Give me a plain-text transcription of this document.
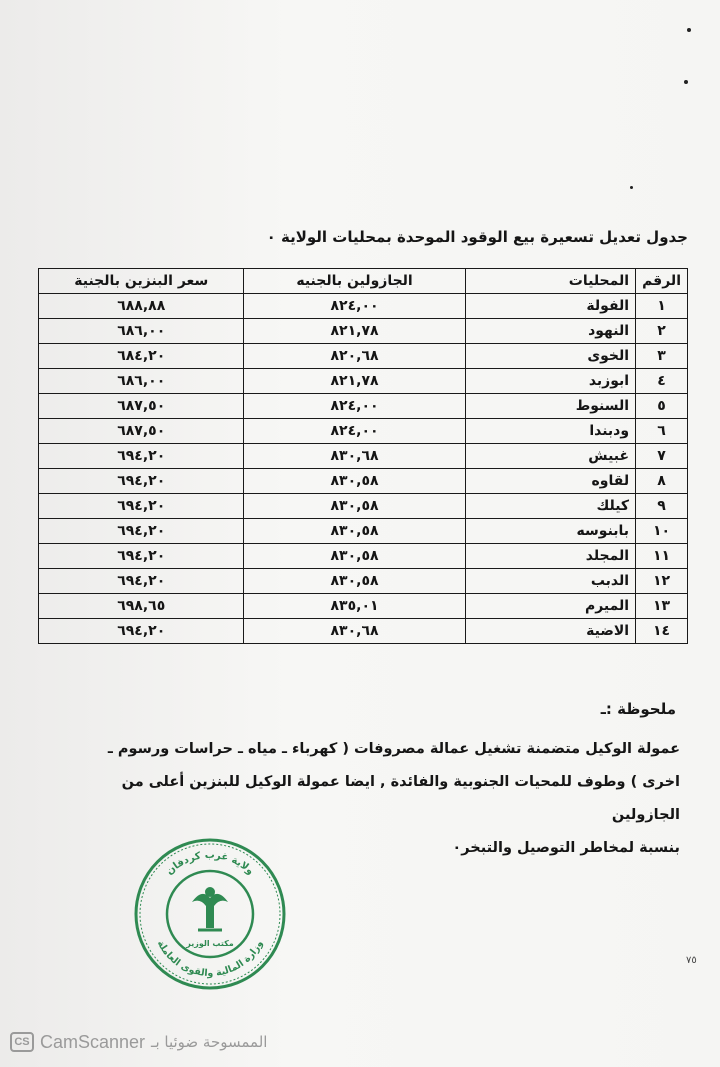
جدول تعديل تسعيرة بيع الوقود الموحدة بمحليات الولاية ٠
الرقم	المحليات	الجازولين بالجنيه	سعر البنزين بالجنية
١	الفولة	٨٢٤,٠٠	٦٨٨,٨٨
٢	النهود	٨٢١,٧٨	٦٨٦,٠٠
٣	الخوى	٨٢٠,٦٨	٦٨٤,٢٠
٤	ابوزبد	٨٢١,٧٨	٦٨٦,٠٠
٥	السنوط	٨٢٤,٠٠	٦٨٧,٥٠
٦	ودبندا	٨٢٤,٠٠	٦٨٧,٥٠
٧	غبيش	٨٣٠,٦٨	٦٩٤,٢٠
٨	لقاوه	٨٣٠,٥٨	٦٩٤,٢٠
٩	كيلك	٨٣٠,٥٨	٦٩٤,٢٠
١٠	بابنوسه	٨٣٠,٥٨	٦٩٤,٢٠
١١	المجلد	٨٣٠,٥٨	٦٩٤,٢٠
١٢	الدبب	٨٣٠,٥٨	٦٩٤,٢٠
١٣	الميرم	٨٣٥,٠١	٦٩٨,٦٥
١٤	الاضية	٨٣٠,٦٨	٦٩٤,٢٠
ملحوظة :ـ

عمولة الوكيل متضمنة تشغيل عمالة مصروفات ( كهرباء ـ مياه ـ حراسات ورسوم ـ

اخرى ) وطوف للمحيات الجنوبية والفائدة , ايضا عمولة الوكيل للبنزين أعلى من الجازولين

بنسبة لمخاطر التوصيل والتبخر٠

ولاية غرب كردفان
وزارة المالية والقوى العاملة
مكتب الوزير
٧٥
CS CamScanner الممسوحة ضوئيا بـ
